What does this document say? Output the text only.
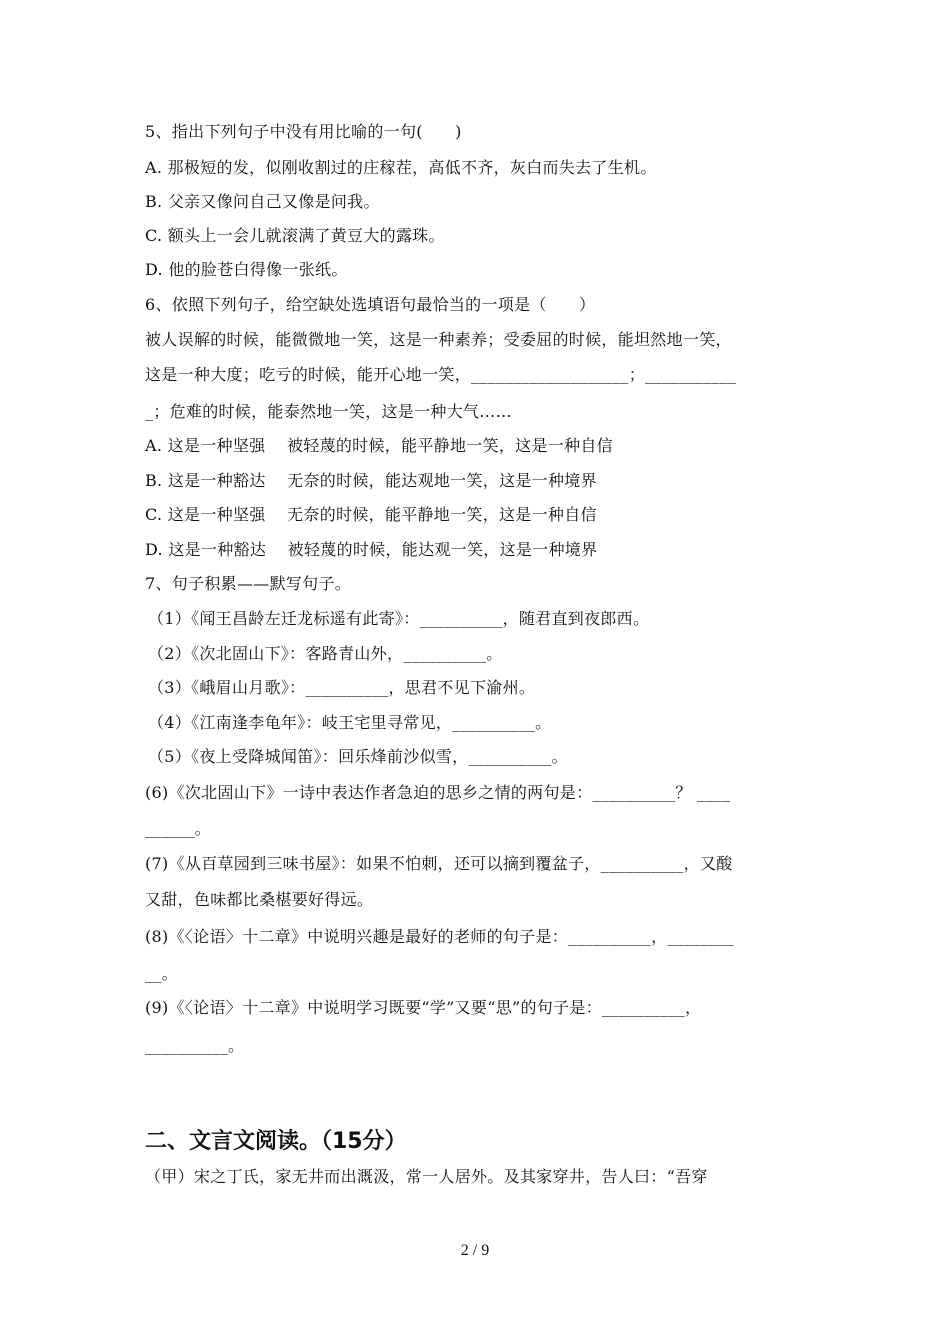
5、指出下列句子中没有用比喻的一句(      )
A. 那极短的发，似刚收割过的庄稼茬，高低不齐，灰白而失去了生机。
B. 父亲又像问自己又像是问我。
C. 额头上一会儿就滚满了黄豆大的露珠。
D. 他的脸苍白得像一张纸。
6、依照下列句子，给空缺处选填语句最恰当的一项是（      ）
被人误解的时候，能微微地一笑，这是一种素养；受委屈的时候，能坦然地一笑，
这是一种大度；吃亏的时候，能开心地一笑，___________________；___________
_；危难的时候，能泰然地一笑，这是一种大气……
A. 这是一种坚强    被轻蔑的时候，能平静地一笑，这是一种自信
B. 这是一种豁达    无奈的时候，能达观地一笑，这是一种境界
C. 这是一种坚强    无奈的时候，能平静地一笑，这是一种自信
D. 这是一种豁达    被轻蔑的时候，能达观一笑，这是一种境界
7、句子积累——默写句子。
（1）《闻王昌龄左迁龙标遥有此寄》：__________，随君直到夜郎西。
（2）《次北固山下》：客路青山外，__________。
（3）《峨眉山月歌》：__________，思君不见下渝州。
（4）《江南逢李龟年》：岐王宅里寻常见，__________。
（5）《夜上受降城闻笛》：回乐烽前沙似雪，__________。
(6)《次北固山下》一诗中表达作者急迫的思乡之情的两句是：__________？ ____
______。
(7)《从百草园到三味书屋》：如果不怕刺，还可以摘到覆盆子，__________，又酸
又甜，色味都比桑椹要好得远。
(8)《〈论语〉十二章》中说明兴趣是最好的老师的句子是：__________，________
__。
(9)《〈论语〉十二章》中说明学习既要“学”又要“思”的句子是：__________，
__________。
二、文言文阅读。（15分）
（甲）宋之丁氏，家无井而出溉汲，常一人居外。及其家穿井，告人曰：“吾穿
2 / 9
